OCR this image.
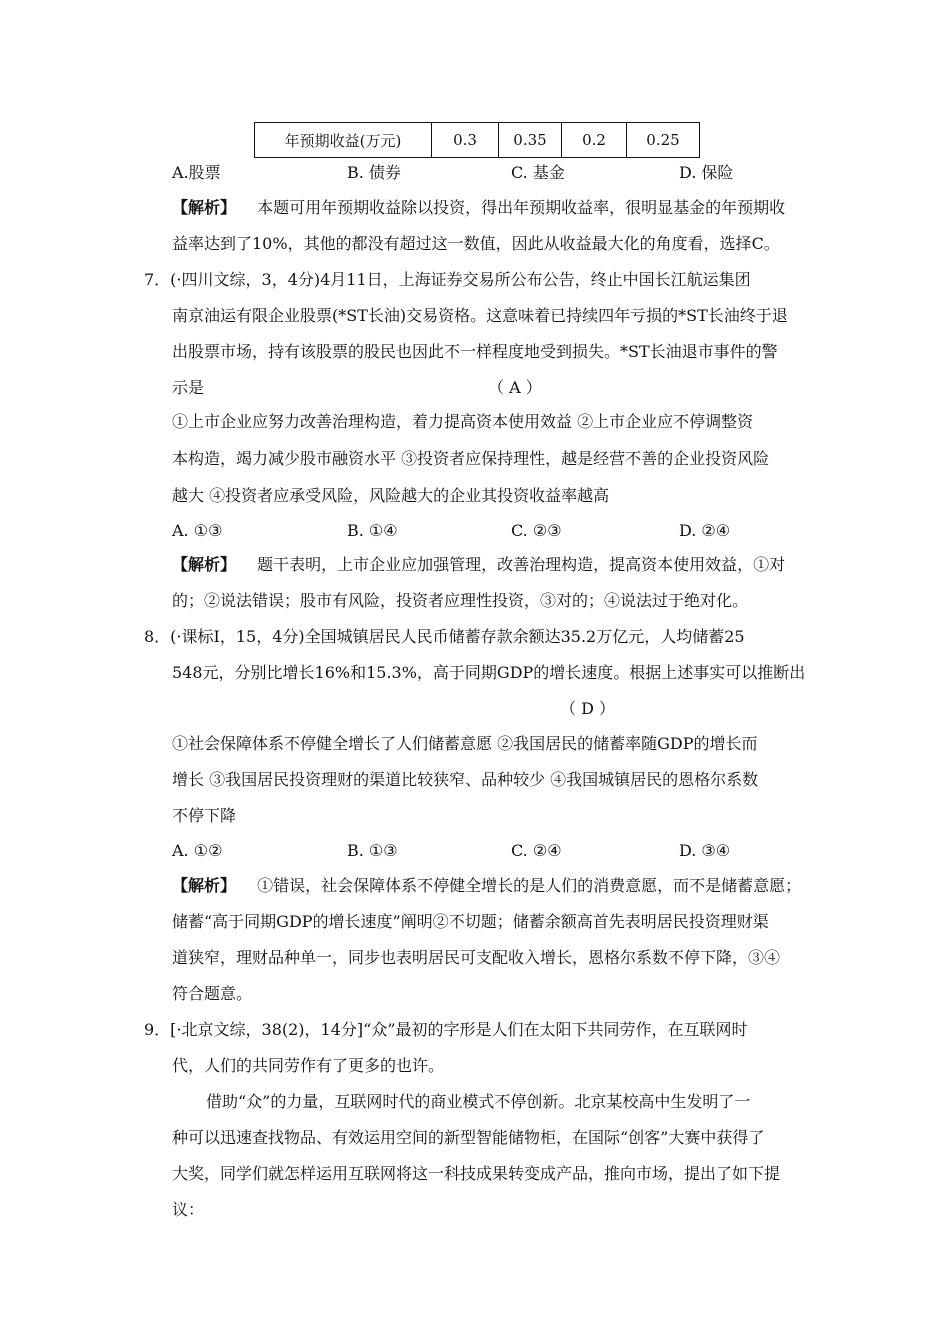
年预期收益(万元)	0.3	0.35	0.2	0.25
A.股票	B. 债券	C. 基金	D. 保险
【解析】 本题可用年预期收益除以投资，得出年预期收益率，很明显基金的年预期收
益率达到了10%，其他的都没有超过这一数值，因此从收益最大化的角度看，选择C。
7．(·四川文综，3，4分)4月11日，上海证券交易所公布公告，终止中国长江航运集团
南京油运有限企业股票(*ST长油)交易资格。这意味着已持续四年亏损的*ST长油终于退
出股票市场，持有该股票的股民也因此不一样程度地受到损失。*ST长油退市事件的警
示是	（ A ）
①上市企业应努力改善治理构造，着力提高资本使用效益 ②上市企业应不停调整资
本构造，竭力减少股市融资水平 ③投资者应保持理性，越是经营不善的企业投资风险
越大 ④投资者应承受风险，风险越大的企业其投资收益率越高
A. ①③	B. ①④	C. ②③	D. ②④
【解析】 题干表明，上市企业应加强管理，改善治理构造，提高资本使用效益，①对
的；②说法错误；股市有风险，投资者应理性投资，③对的；④说法过于绝对化。
8．(·课标Ⅰ，15，4分)全国城镇居民人民币储蓄存款余额达35.2万亿元，人均储蓄25
548元，分别比增长16%和15.3%，高于同期GDP的增长速度。根据上述事实可以推断出
（ D ）
①社会保障体系不停健全增长了人们储蓄意愿 ②我国居民的储蓄率随GDP的增长而
增长 ③我国居民投资理财的渠道比较狭窄、品种较少 ④我国城镇居民的恩格尔系数
不停下降
A. ①②	B. ①③	C. ②④	D. ③④
【解析】 ①错误，社会保障体系不停健全增长的是人们的消费意愿，而不是储蓄意愿；
储蓄“高于同期GDP的增长速度”阐明②不切题；储蓄余额高首先表明居民投资理财渠
道狭窄，理财品种单一，同步也表明居民可支配收入增长，恩格尔系数不停下降，③④
符合题意。
9．[·北京文综，38(2)，14分]“众”最初的字形是人们在太阳下共同劳作，在互联网时
代，人们的共同劳作有了更多的也许。
借助“众”的力量，互联网时代的商业模式不停创新。北京某校高中生发明了一
种可以迅速查找物品、有效运用空间的新型智能储物柜，在国际“创客”大赛中获得了
大奖，同学们就怎样运用互联网将这一科技成果转变成产品，推向市场，提出了如下提
议：
